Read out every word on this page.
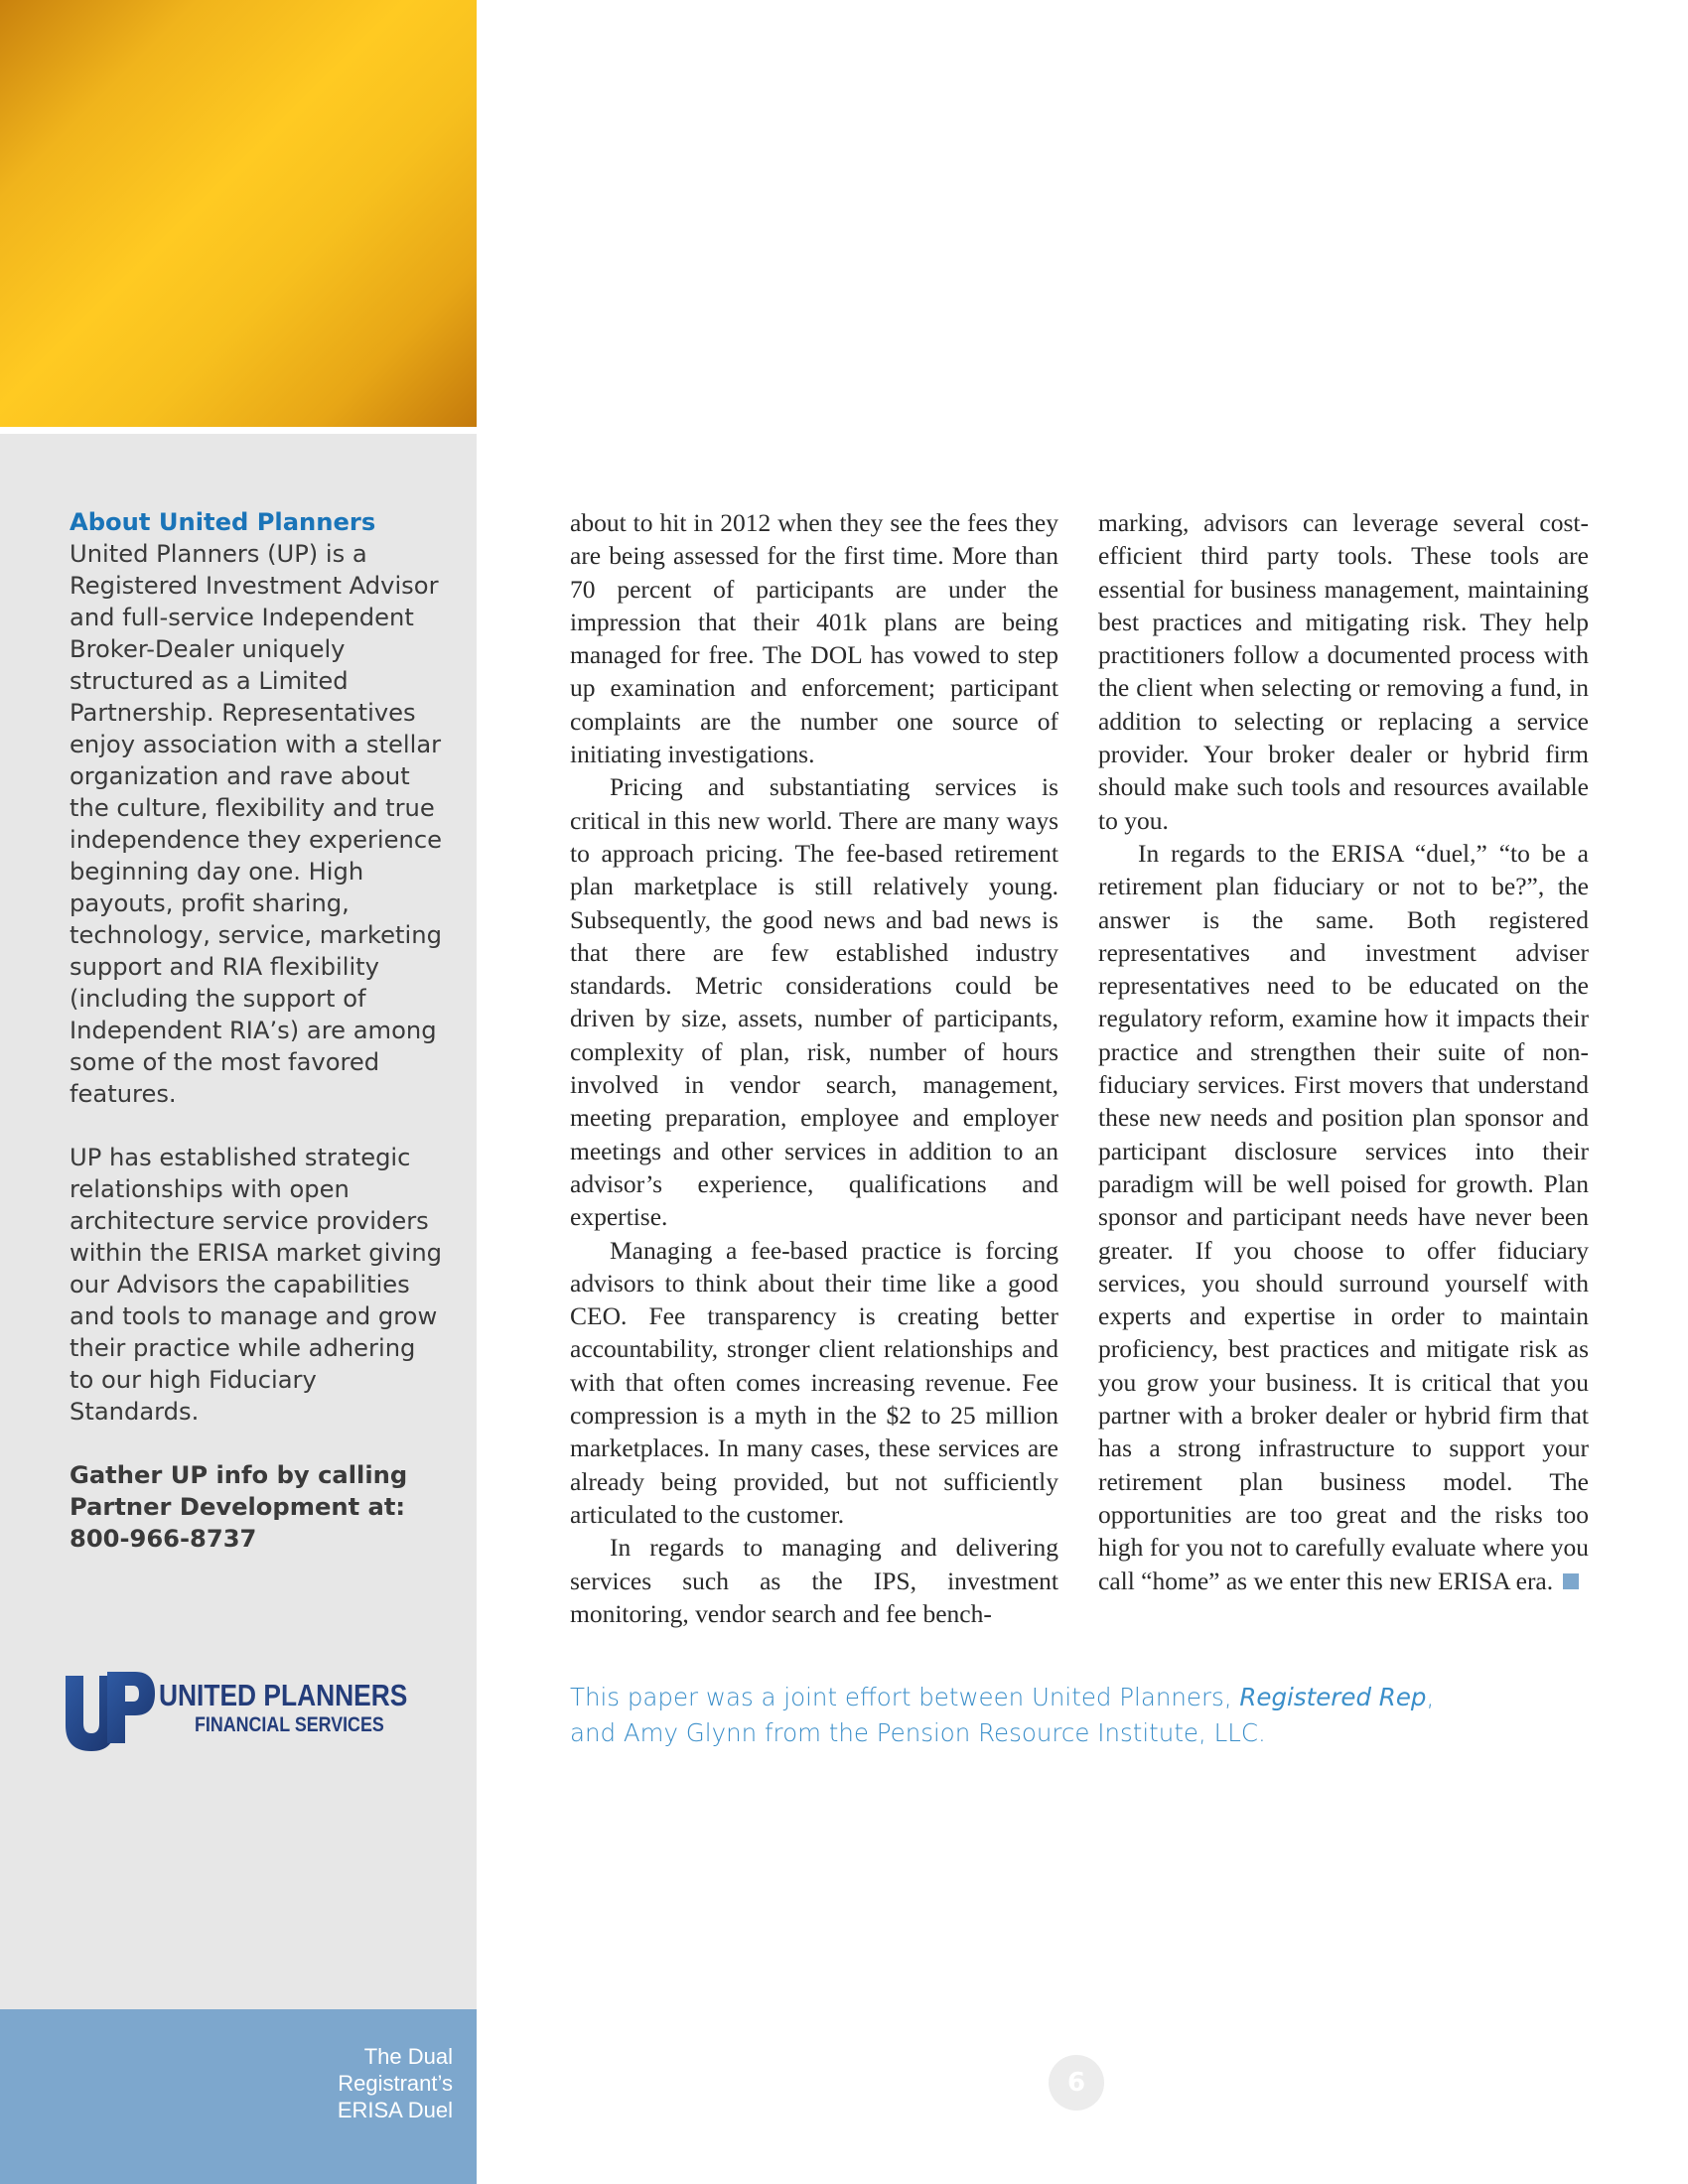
About United Planners

United Planners (UP) is a Registered Investment Advisor and full-service Independent Broker-Dealer uniquely structured as a Limited Partnership. Representatives enjoy association with a stellar organization and rave about the culture, flexibility and true independence they experience beginning day one. High payouts, profit sharing, technology, service, marketing support and RIA flexibility (including the support of Independent RIA’s) are among some of the most favored features.

UP has established strategic relationships with open architecture service providers within the ERISA market giving our Advisors the capabilities and tools to manage and grow their practice while adhering to our high Fiduciary Standards.

Gather UP info by calling

Partner Development at:

800-966-8737

UNITED PLANNERS
FINANCIAL SERVICES

about to hit in 2012 when they see the fees they are being assessed for the first time. More than 70 percent of participants are under the impression that their 401k plans are being managed for free. The DOL has vowed to step up examination and enforcement; participant complaints are the number one source of initiating investigations.

Pricing and substantiating services is critical in this new world. There are many ways to approach pricing. The fee-based retirement plan marketplace is still relatively young. Subsequently, the good news and bad news is that there are few established industry standards. Metric considerations could be driven by size, assets, number of participants, complexity of plan, risk, number of hours involved in vendor search, management, meeting preparation, employee and employer meetings and other services in addition to an advisor’s experience, qualifications and expertise.

Managing a fee-based practice is forcing advisors to think about their time like a good CEO. Fee transparency is creating better accountability, stronger client relationships and with that often comes increasing revenue. Fee compression is a myth in the $2 to 25 million marketplaces. In many cases, these services are already being provided, but not sufficiently articulated to the customer.

In regards to managing and delivering services such as the IPS, investment monitoring, vendor search and fee bench-

marking, advisors can leverage several cost-efficient third party tools. These tools are essential for business management, maintaining best practices and mitigating risk. They help practitioners follow a documented process with the client when selecting or removing a fund, in addition to selecting or replacing a service provider. Your broker dealer or hybrid firm should make such tools and resources available to you.

In regards to the ERISA “duel,” “to be a retirement plan fiduciary or not to be?”, the answer is the same. Both registered representatives and investment adviser representatives need to be educated on the regulatory reform, examine how it impacts their practice and strengthen their suite of non-fiduciary services. First movers that understand these new needs and position plan sponsor and participant disclosure services into their paradigm will be well poised for growth. Plan sponsor and participant needs have never been greater. If you choose to offer fiduciary services, you should surround yourself with experts and expertise in order to maintain proficiency, best practices and mitigate risk as you grow your business. It is critical that you partner with a broker dealer or hybrid firm that has a strong infrastructure to support your retirement plan business model. The opportunities are too great and the risks too high for you not to carefully evaluate where you call “home” as we enter this new ERISA era.

This paper was a joint effort between United Planners, Registered Rep,

and Amy Glynn from the Pension Resource Institute, LLC.

The Dual
Registrant’s
ERISA Duel
6
